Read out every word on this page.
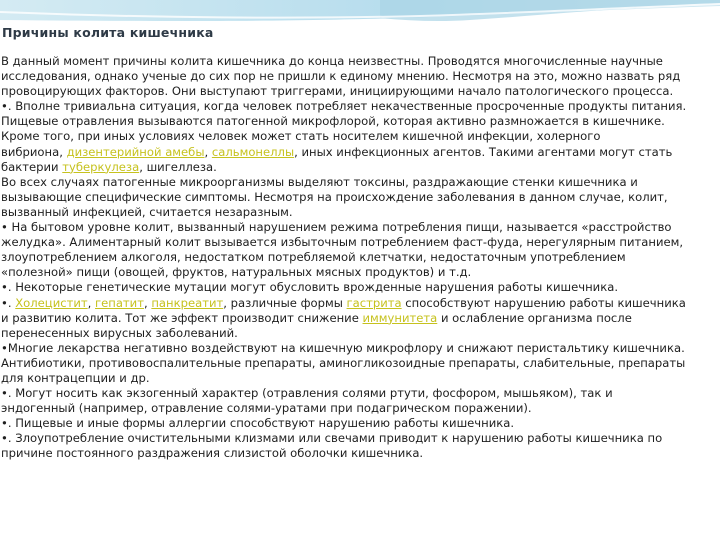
Причины колита кишечника
В данный момент причины колита кишечника до конца неизвестны. Проводятся многочисленные научные
исследования, однако ученые до сих пор не пришли к единому мнению. Несмотря на это, можно назвать ряд
провоцирующих факторов. Они выступают триггерами, инициирующими начало патологического процесса.
•. Вполне тривиальна ситуация, когда человек потребляет некачественные просроченные продукты питания.
Пищевые отравления вызываются патогенной микрофлорой, которая активно размножается в кишечнике.
Кроме того, при иных условиях человек может стать носителем кишечной инфекции, холерного
вибриона, дизентерийной амебы, сальмонеллы, иных инфекционных агентов. Такими агентами могут стать
бактерии туберкулеза, шигеллеза.
Во всех случаях патогенные микроорганизмы выделяют токсины, раздражающие стенки кишечника и
вызывающие специфические симптомы. Несмотря на происхождение заболевания в данном случае, колит,
вызванный инфекцией, считается незаразным.
• На бытовом уровне колит, вызванный нарушением режима потребления пищи, называется «расстройство
желудка». Алиментарный колит вызывается избыточным потреблением фаст-фуда, нерегулярным питанием,
злоупотреблением алкоголя, недостатком потребляемой клетчатки, недостаточным употреблением
«полезной» пищи (овощей, фруктов, натуральных мясных продуктов) и т.д.
•. Некоторые генетические мутации могут обусловить врожденные нарушения работы кишечника.
•. Холецистит, гепатит, панкреатит, различные формы гастрита способствуют нарушению работы кишечника
и развитию колита. Тот же эффект производит снижение иммунитета и ослабление организма после
перенесенных вирусных заболеваний.
•Многие лекарства негативно воздействуют на кишечную микрофлору и снижают перистальтику кишечника.
Антибиотики, противовоспалительные препараты, аминогликозоидные препараты, слабительные, препараты
для контрацепции и др.
•. Могут носить как экзогенный характер (отравления солями ртути, фосфором, мышьяком), так и
эндогенный (например, отравление солями-уратами при подагрическом поражении).
•. Пищевые и иные формы аллергии способствуют нарушению работы кишечника.
•. Злоупотребление очистительными клизмами или свечами приводит к нарушению работы кишечника по
причине постоянного раздражения слизистой оболочки кишечника.
